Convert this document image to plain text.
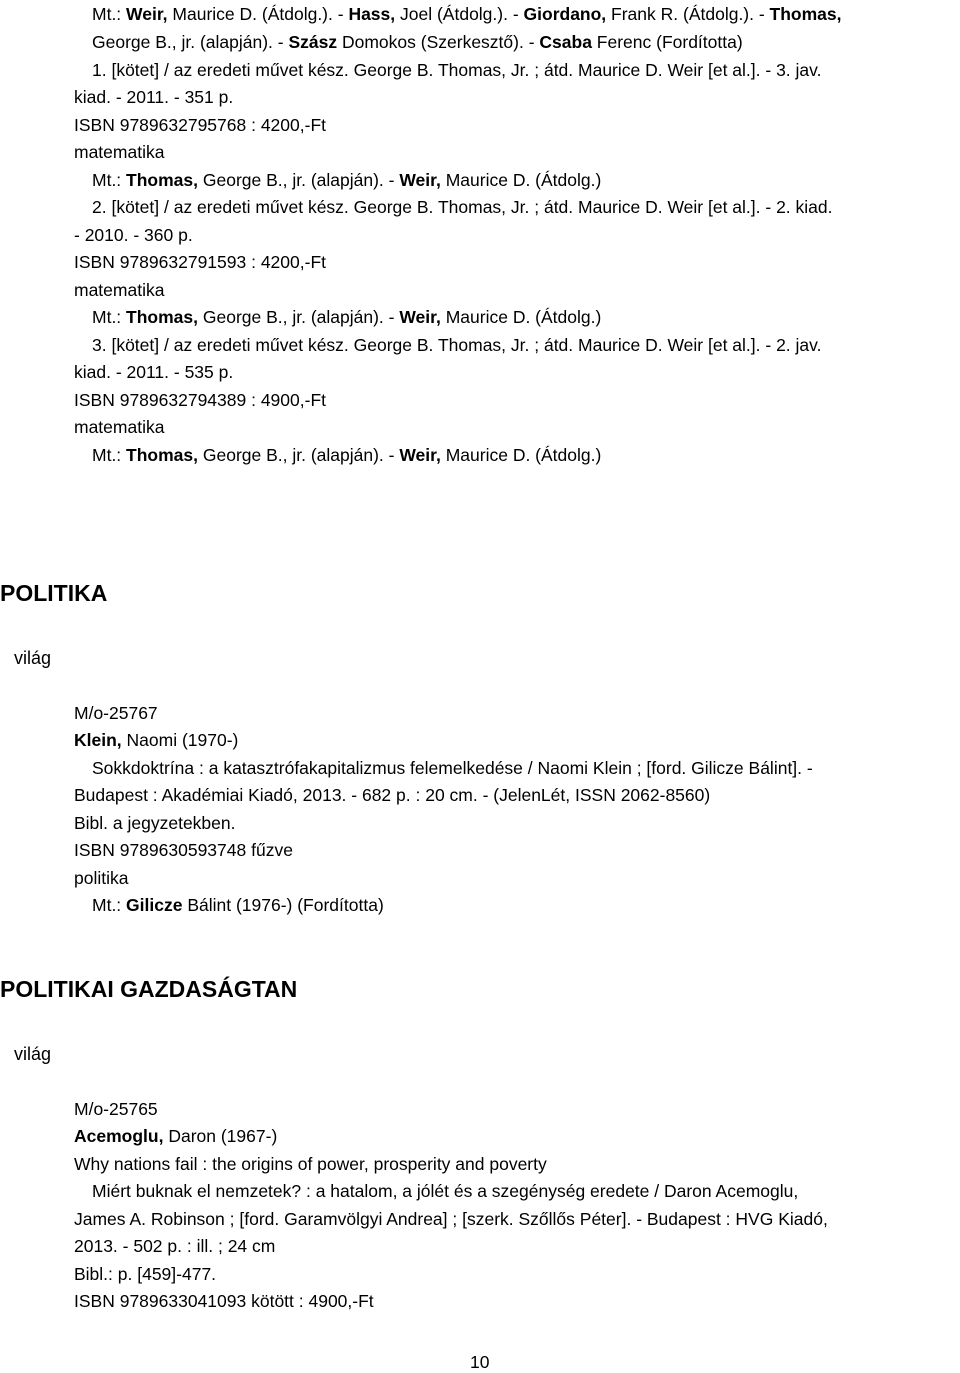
Mt.: Weir, Maurice D. (Átdolg.). - Hass, Joel (Átdolg.). - Giordano, Frank R. (Átdolg.). - Thomas,
George B., jr. (alapján). - Szász Domokos (Szerkesztő). - Csaba Ferenc (Fordította)
1. [kötet] / az eredeti művet kész. George B. Thomas, Jr. ; átd. Maurice D. Weir [et al.]. - 3. jav.
kiad. - 2011. - 351 p.
ISBN 9789632795768 : 4200,-Ft
matematika
Mt.: Thomas, George B., jr. (alapján). - Weir, Maurice D. (Átdolg.)
2. [kötet] / az eredeti művet kész. George B. Thomas, Jr. ; átd. Maurice D. Weir [et al.]. - 2. kiad.
- 2010. - 360 p.
ISBN 9789632791593 : 4200,-Ft
matematika
Mt.: Thomas, George B., jr. (alapján). - Weir, Maurice D. (Átdolg.)
3. [kötet] / az eredeti művet kész. George B. Thomas, Jr. ; átd. Maurice D. Weir [et al.]. - 2. jav.
kiad. - 2011. - 535 p.
ISBN 9789632794389 : 4900,-Ft
matematika
Mt.: Thomas, George B., jr. (alapján). - Weir, Maurice D. (Átdolg.)
POLITIKA
világ
M/o-25767
Klein, Naomi (1970-)
Sokkdoktrína : a katasztrófakapitalizmus felemelkedése / Naomi Klein ; [ford. Gilicze Bálint]. -
Budapest : Akadémiai Kiadó, 2013. - 682 p. : 20 cm. - (JelenLét, ISSN 2062-8560)
Bibl. a jegyzetekben.
ISBN 9789630593748 fűzve
politika
Mt.: Gilicze Bálint (1976-) (Fordította)
POLITIKAI GAZDASÁGTAN
világ
M/o-25765
Acemoglu, Daron (1967-)
Why nations fail : the origins of power, prosperity and poverty
Miért buknak el nemzetek? : a hatalom, a jólét és a szegénység eredete / Daron Acemoglu,
James A. Robinson ; [ford. Garamvölgyi Andrea] ; [szerk. Szőllős Péter]. - Budapest : HVG Kiadó,
2013. - 502 p. : ill. ; 24 cm
Bibl.: p. [459]-477.
ISBN 9789633041093 kötött : 4900,-Ft
10
